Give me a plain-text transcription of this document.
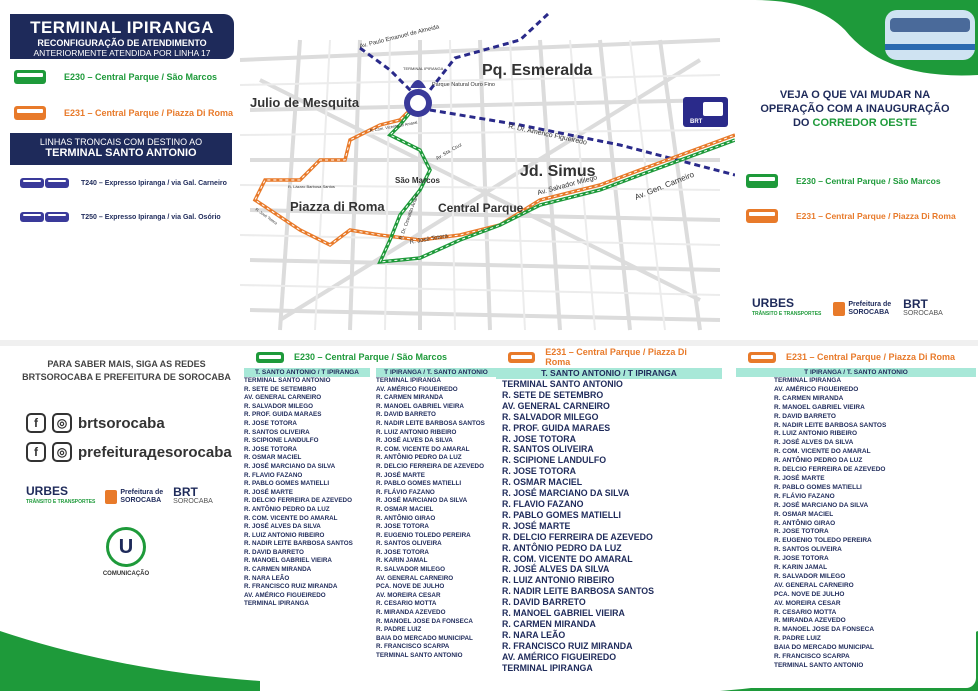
BRT
Pq. Esmeralda
Julio de Mesquita
Jd. Simus
Piazza di Roma	Central Parque
São Marcos
Av. Paulo Emanuel de Almeida
Parque Natural Ouro Fino
R. Dr. Américo Figueiredo
Av. Gen. Carneiro
Av. Salvador Milego
R. José Totora
Av. Sta. Cruz
R. Lázaro Barbosa Santos
R. Com. Vicente do Amaral
R. Dr. Oswaldo Ariani
R. José Totora
TERMINAL IPIRANGA
TERMINAL IPIRANGA
RECONFIGURAÇÃO DE ATENDIMENTO
ANTERIORMENTE ATENDIDA POR LINHA 17
E230 – Central Parque / São Marcos
E231 – Central Parque / Piazza Di Roma
LINHAS TRONCAIS COM DESTINO AO
TERMINAL SANTO ANTONIO
T240 – Expresso Ipiranga / via Gal. Carneiro
T250 – Expresso Ipiranga / via Gal. Osório
VEJA O QUE VAI MUDAR NA
OPERAÇÃO COM A INAUGURAÇÃO
DO CORREDOR OESTE
E230 – Central Parque / São Marcos
E231 – Central Parque / Piazza Di Roma
URBES
TRÂNSITO E TRANSPORTES
Prefeitura de
SOROCABA
BRT
SOROCABA
PARA SABER MAIS, SIGA AS REDES
BRTSOROCABA E PREFEITURA DE SOROCABA
f	◎ brtsorocaba
f	◎ prefeiturадesorocaba
URBES
TRÂNSITO E TRANSPORTES
Prefeitura de
SOROCABA
BRT
SOROCABA
U
COMUNICAÇÃO
E230 – Central Parque / São Marcos
T. SANTO ANTONIO / T IPIRANGA
TERMINAL SANTO ANTONIO
R. SETE DE SETEMBRO
AV. GENERAL CARNEIRO
R. SALVADOR MILEGO
R. PROF. GUIDA MARAES
R. JOSE TOTORA
R. SANTOS OLIVEIRA
R. SCIPIONE LANDULFO
R. JOSE TOTORA
R. OSMAR MACIEL
R. JOSÉ MARCIANO DA SILVA
R. FLAVIO FAZANO
R. PABLO GOMES MATIELLI
R. JOSÉ MARTE
R. DELCIO FERREIRA DE AZEVEDO
R. ANTÔNIO PEDRO DA LUZ
R. COM. VICENTE DO AMARAL
R. JOSÉ ALVES DA SILVA
R. LUIZ ANTONIO RIBEIRO
R. NADIR LEITE BARBOSA SANTOS
R. DAVID BARRETO
R. MANOEL GABRIEL VIEIRA
R. CARMEN MIRANDA
R. NARA LEÃO
R. FRANCISCO RUIZ MIRANDA
AV. AMÉRICO FIGUEIREDO
TERMINAL IPIRANGA
T IPIRANGA / T. SANTO ANTONIO
TERMINAL IPIRANGA
AV. AMÉRICO FIGUEIREDO
R. CARMEN MIRANDA
R. MANOEL GABRIEL VIEIRA
R. DAVID BARRETO
R. NADIR LEITE BARBOSA SANTOS
R. LUIZ ANTONIO RIBEIRO
R. JOSÉ ALVES DA SILVA
R. COM. VICENTE DO AMARAL
R. ANTÔNIO PEDRO DA LUZ
R. DELCIO FERREIRA DE AZEVEDO
R. JOSÉ MARTE
R. PABLO GOMES MATIELLI
R. FLÁVIO FAZANO
R. JOSÉ MARCIANO DA SILVA
R. OSMAR MACIEL
R. ANTÔNIO GIRAO
R. JOSE TOTORA
R. EUGENIO TOLEDO PEREIRA
R. SANTOS OLIVEIRA
R. JOSE TOTORA
R. KARIN JAMAL
R. SALVADOR MILEGO
AV. GENERAL CARNEIRO
PCA. NOVE DE JULHO
AV. MOREIRA CESAR
R. CESARIO MOTTA
R. MIRANDA AZEVEDO
R. MANOEL JOSE DA FONSECA
R. PADRE LUIZ
BAIA DO MERCADO MUNICIPAL
R. FRANCISCO SCARPA
TERMINAL SANTO ANTONIO
E231 – Central Parque / Piazza Di Roma
T. SANTO ANTONIO / T IPIRANGA
TERMINAL SANTO ANTONIO
R. SETE DE SETEMBRO
AV. GENERAL CARNEIRO
R. SALVADOR MILEGO
R. PROF. GUIDA MARAES
R. JOSE TOTORA
R. SANTOS OLIVEIRA
R. SCIPIONE LANDULFO
R. JOSE TOTORA
R. OSMAR MACIEL
R. JOSÉ MARCIANO DA SILVA
R. FLAVIO FAZANO
R. PABLO GOMES MATIELLI
R. JOSÉ MARTE
R. DELCIO FERREIRA DE AZEVEDO
R. ANTÔNIO PEDRO DA LUZ
R. COM. VICENTE DO AMARAL
R. JOSÉ ALVES DA SILVA
R. LUIZ ANTONIO RIBEIRO
R. NADIR LEITE BARBOSA SANTOS
R. DAVID BARRETO
R. MANOEL GABRIEL VIEIRA
R. CARMEN MIRANDA
R. NARA LEÃO
R. FRANCISCO RUIZ MIRANDA
AV. AMÉRICO FIGUEIREDO
TERMINAL IPIRANGA
E231 – Central Parque / Piazza Di Roma
T IPIRANGA / T. SANTO ANTONIO
TERMINAL IPIRANGA
AV. AMÉRICO FIGUEIREDO
R. CARMEN MIRANDA
R. MANOEL GABRIEL VIEIRA
R. DAVID BARRETO
R. NADIR LEITE BARBOSA SANTOS
R. LUIZ ANTONIO RIBEIRO
R. JOSÉ ALVES DA SILVA
R. COM. VICENTE DO AMARAL
R. ANTÔNIO PEDRO DA LUZ
R. DELCIO FERREIRA DE AZEVEDO
R. JOSÉ MARTE
R. PABLO GOMES MATIELLI
R. FLÁVIO FAZANO
R. JOSÉ MARCIANO DA SILVA
R. OSMAR MACIEL
R. ANTÔNIO GIRAO
R. JOSE TOTORA
R. EUGENIO TOLEDO PEREIRA
R. SANTOS OLIVEIRA
R. JOSE TOTORA
R. KARIN JAMAL
R. SALVADOR MILEGO
AV. GENERAL CARNEIRO
PCA. NOVE DE JULHO
AV. MOREIRA CESAR
R. CESARIO MOTTA
R. MIRANDA AZEVEDO
R. MANOEL JOSE DA FONSECA
R. PADRE LUIZ
BAIA DO MERCADO MUNICIPAL
R. FRANCISCO SCARPA
TERMINAL SANTO ANTONIO
